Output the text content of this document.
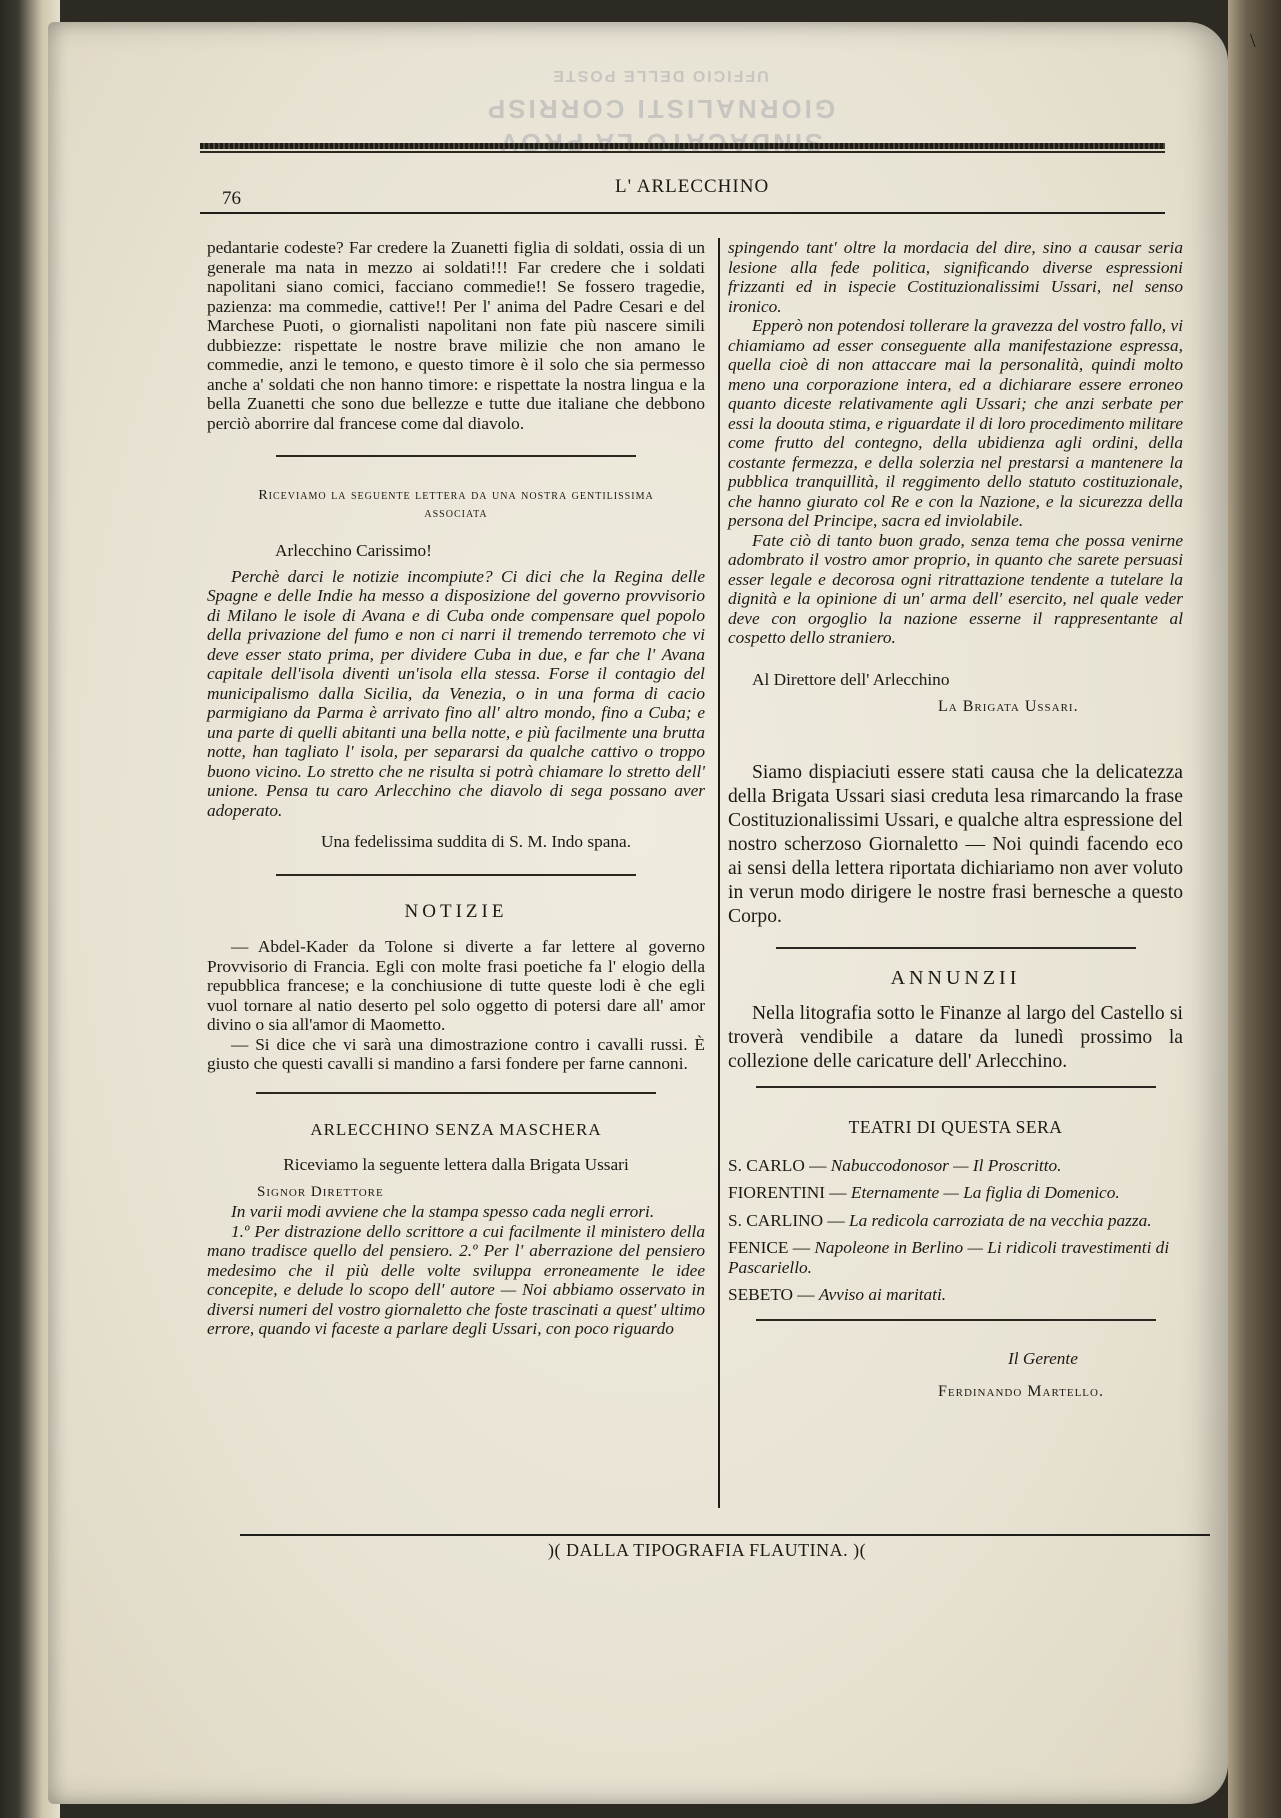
\
GIORNALISTI CORRISP
UFFICIO DELLE POSTE
76
L' ARLECCHINO

pedantarie codeste? Far credere la Zuanetti figlia di soldati, ossia di un generale ma nata in mezzo ai soldati!!! Far credere che i soldati napolitani siano comici, facciano commedie!! Se fossero tragedie, pazienza: ma commedie, cattive!! Per l' anima del Padre Cesari e del Marchese Puoti, o giornalisti napolitani non fate più nascere simili dubbiezze: rispettate le nostre brave milizie che non amano le commedie, anzi le temono, e questo timore è il solo che sia permesso anche a' soldati che non hanno timore: e rispettate la nostra lingua e la bella Zuanetti che sono due bellezze e tutte due italiane che debbono perciò aborrire dal francese come dal diavolo.

Riceviamo la seguente lettera da una nostra gentilissima associata

Arlecchino Carissimo!

Perchè darci le notizie incompiute? Ci dici che la Regina delle Spagne e delle Indie ha messo a disposizione del governo provvisorio di Milano le isole di Avana e di Cuba onde compensare quel popolo della privazione del fumo e non ci narri il tremendo terremoto che vi deve esser stato prima, per dividere Cuba in due, e far che l' Avana capitale dell'isola diventi un'isola ella stessa. Forse il contagio del municipalismo dalla Sicilia, da Venezia, o in una forma di cacio parmigiano da Parma è arrivato fino all' altro mondo, fino a Cuba; e una parte di quelli abitanti una bella notte, e più facilmente una brutta notte, han tagliato l' isola, per separarsi da qualche cattivo o troppo buono vicino. Lo stretto che ne risulta si potrà chiamare lo stretto dell' unione. Pensa tu caro Arlecchino che diavolo di sega possano aver adoperato.

Una fedelissima suddita di S. M. Indo spana.

NOTIZIE

— Abdel-Kader da Tolone si diverte a far lettere al governo Provvisorio di Francia. Egli con molte frasi poetiche fa l' elogio della repubblica francese; e la conchiusione di tutte queste lodi è che egli vuol tornare al natio deserto pel solo oggetto di potersi dare all' amor divino o sia all'amor di Maometto.

— Si dice che vi sarà una dimostrazione contro i cavalli russi. È giusto che questi cavalli si mandino a farsi fondere per farne cannoni.

ARLECCHINO SENZA MASCHERA

Riceviamo la seguente lettera dalla Brigata Ussari

Signor Direttore

In varii modi avviene che la stampa spesso cada negli errori.

1.º Per distrazione dello scrittore a cui facilmente il ministero della mano tradisce quello del pensiero. 2.º Per l' aberrazione del pensiero medesimo che il più delle volte sviluppa erroneamente le idee concepite, e delude lo scopo dell' autore — Noi abbiamo osservato in diversi numeri del vostro giornaletto che foste trascinati a quest' ultimo errore, quando vi faceste a parlare degli Ussari, con poco riguardo

spingendo tant' oltre la mordacia del dire, sino a causar seria lesione alla fede politica, significando diverse espressioni frizzanti ed in ispecie Costituzionalissimi Ussari, nel senso ironico.

Epperò non potendosi tollerare la gravezza del vostro fallo, vi chiamiamo ad esser conseguente alla manifestazione espressa, quella cioè di non attaccare mai la personalità, quindi molto meno una corporazione intera, ed a dichiarare essere erroneo quanto diceste relativamente agli Ussari; che anzi serbate per essi la doouta stima, e riguardate il di loro procedimento militare come frutto del contegno, della ubidienza agli ordini, della costante fermezza, e della solerzia nel prestarsi a mantenere la pubblica tranquillità, il reggimento dello statuto costituzionale, che hanno giurato col Re e con la Nazione, e la sicurezza della persona del Principe, sacra ed inviolabile.

Fate ciò di tanto buon grado, senza tema che possa venirne adombrato il vostro amor proprio, in quanto che sarete persuasi esser legale e decorosa ogni ritrattazione tendente a tutelare la dignità e la opinione di un' arma dell' esercito, nel quale veder deve con orgoglio la nazione esserne il rappresentante al cospetto dello straniero.

Al Direttore dell' Arlecchino

La Brigata Ussari.

Siamo dispiaciuti essere stati causa che la delicatezza della Brigata Ussari siasi creduta lesa rimarcando la frase Costituzionalissimi Ussari, e qualche altra espressione del nostro scherzoso Giornaletto — Noi quindi facendo eco ai sensi della lettera riportata dichiariamo non aver voluto in verun modo dirigere le nostre frasi bernesche a questo Corpo.

ANNUNZII

Nella litografia sotto le Finanze al largo del Castello si troverà vendibile a datare da lunedì prossimo la collezione delle caricature dell' Arlecchino.

TEATRI DI QUESTA SERA

S. CARLO — Nabuccodonosor — Il Proscritto.

FIORENTINI — Eternamente — La figlia di Domenico.

S. CARLINO — La redicola carroziata de na vecchia pazza.

FENICE — Napoleone in Berlino — Li ridicoli travestimenti di Pascariello.

SEBETO — Avviso ai maritati.

Il Gerente

Ferdinando Martello.

)( DALLA TIPOGRAFIA FLAUTINA. )(
